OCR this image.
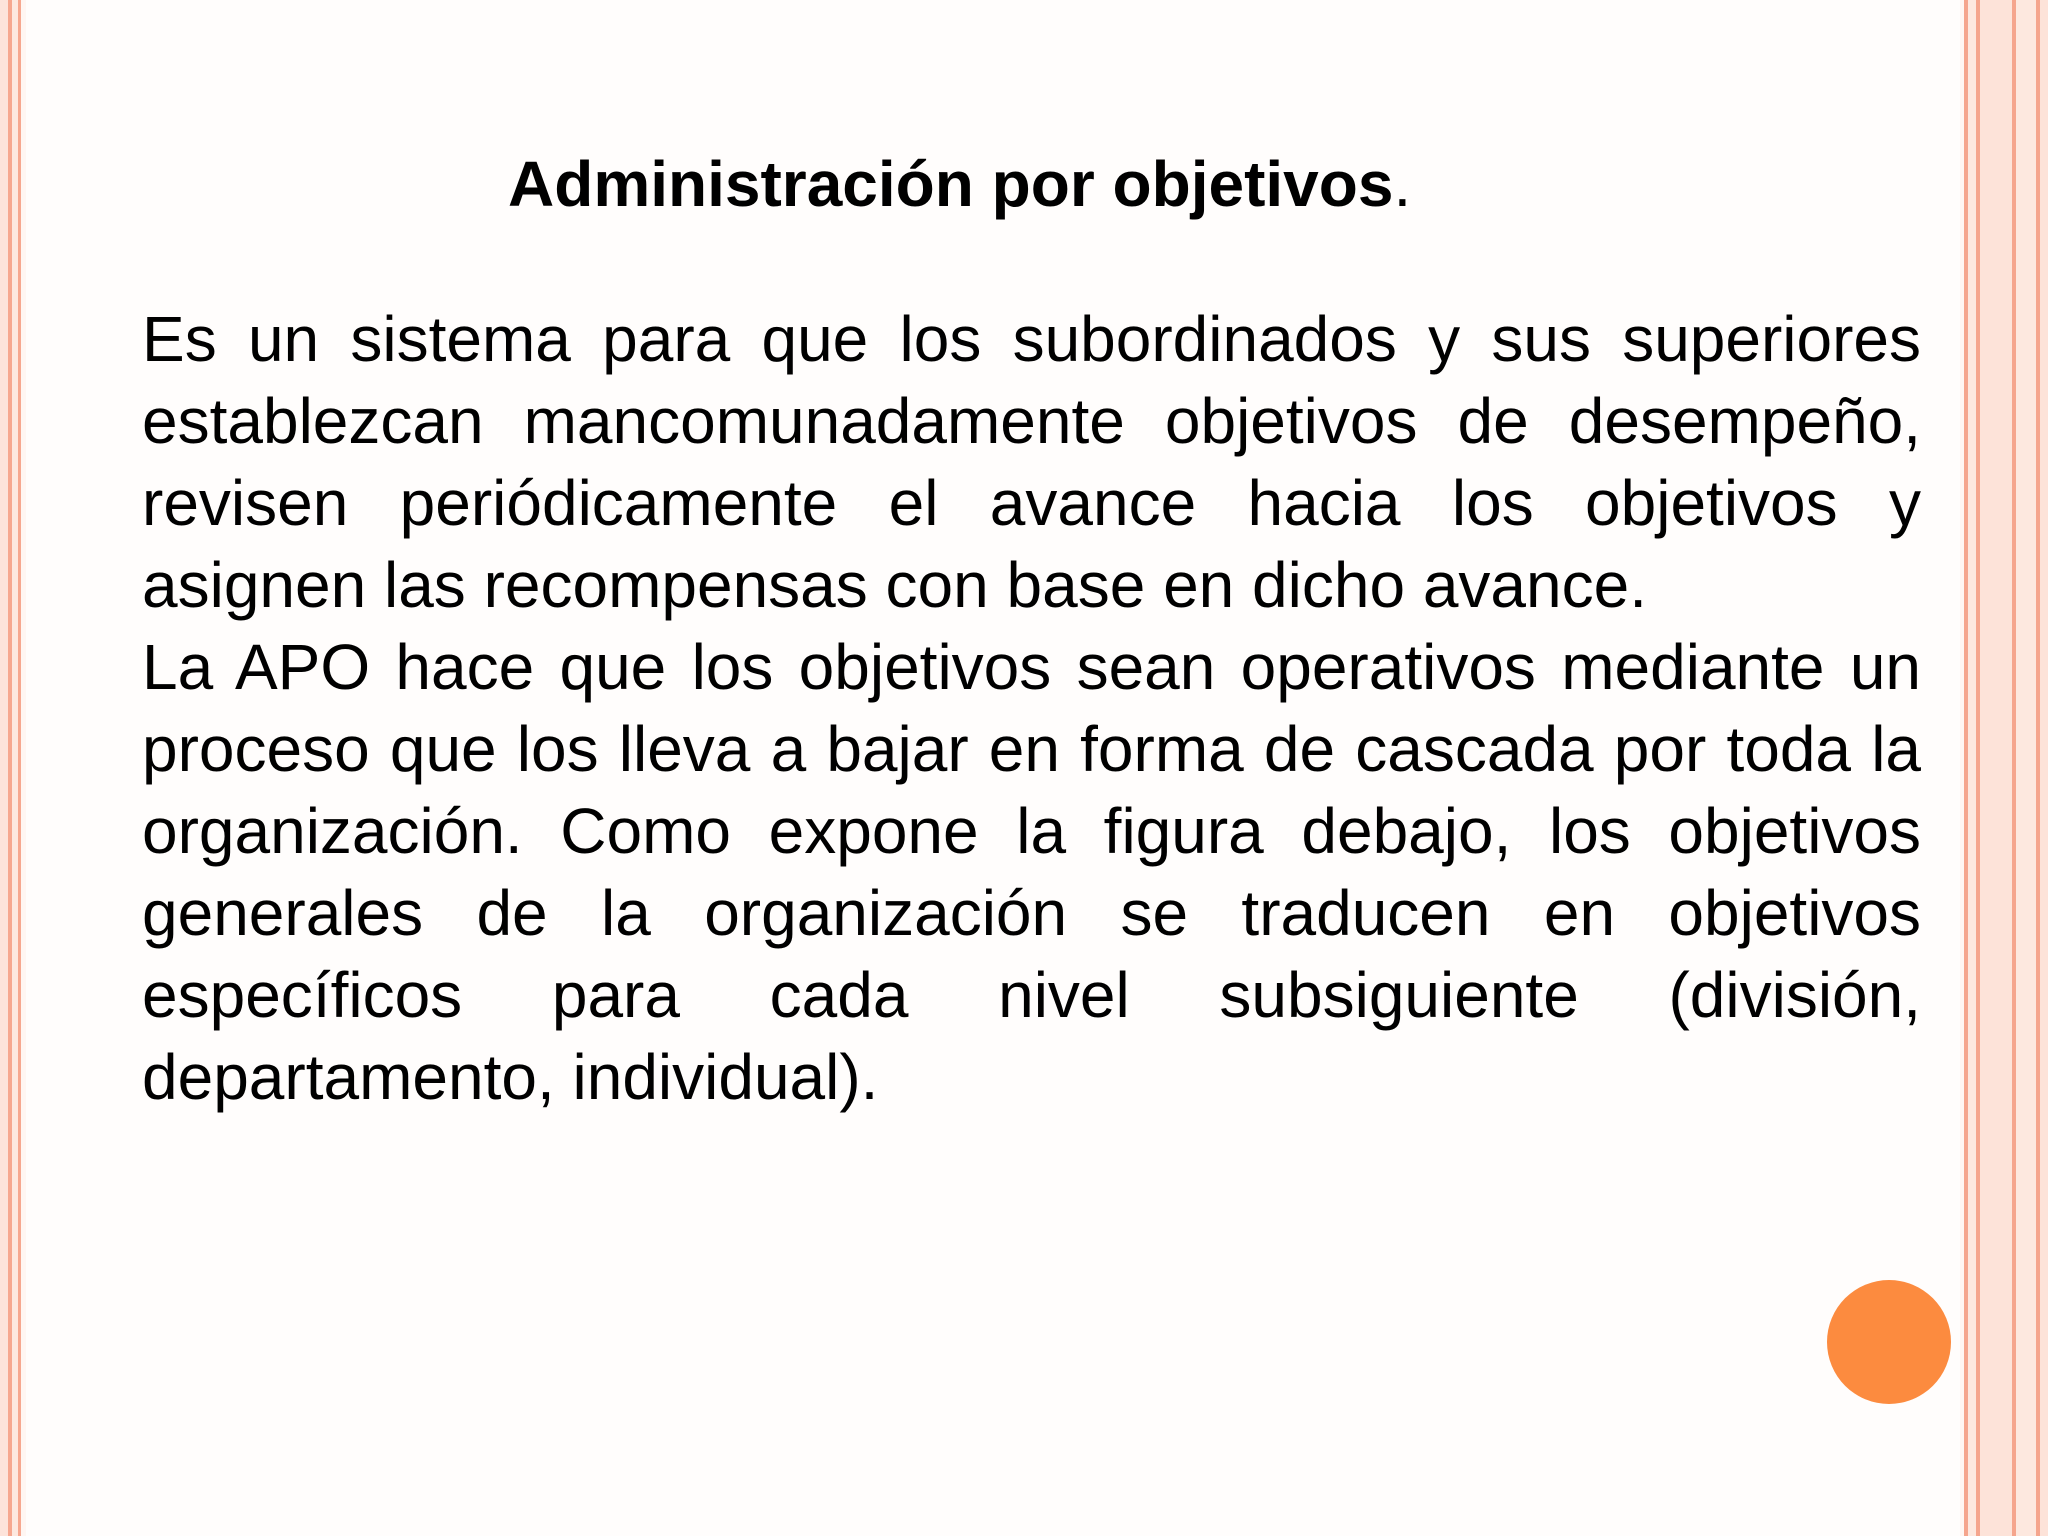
Administración por objetivos.

Es un sistema para que los subordinados y sus superiores establezcan mancomunadamente objetivos de desempeño, revisen periódicamente el avance hacia los objetivos y asignen las recompensas con base en dicho avance.

La APO hace que los objetivos sean operativos mediante un proceso que los lleva a bajar en forma de cascada por toda la organización. Como expone la figura debajo, los objetivos generales de la organización se traducen en objetivos específicos para cada nivel subsiguiente (división, departamento, individual).
